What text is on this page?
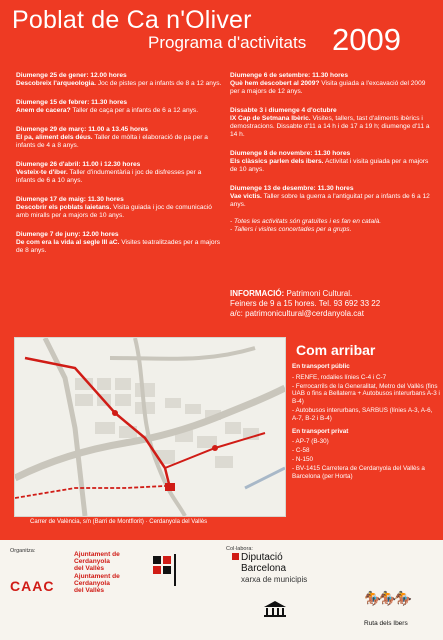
Poblat de Ca n'Oliver
Programa d'activitats 2009
Diumenge 25 de gener: 12.00 hores
Descobreix l'arqueologia. Joc de pistes per a infants de 8 a 12 anys.
Diumenge 15 de febrer: 11.30 hores
Anem de cacera? Taller de caça per a infants de 6 a 12 anys.
Diumenge 29 de març: 11.00 a 13.45 hores
El pa, aliment dels déus. Taller de mòlta i elaboració de pa per a infants de 4 a 8 anys.
Diumenge 26 d'abril: 11.00 i 12.30 hores
Vesteix-te d'iber. Taller d'indumentària i joc de disfresses per a infants de 6 a 10 anys.
Diumenge 17 de maig: 11.30 hores
Descobrir els poblats laietans. Visita guiada i joc de comunicació amb miralls per a majors de 10 anys.
Diumenge 7 de juny: 12.00 hores
De com era la vida al segle III aC. Visites teatralitzades per a majors de 8 anys.
Diumenge 6 de setembre: 11.30 hores
Què hem descobert al 2009? Visita guiada a l'excavació del 2009 per a majors de 12 anys.
Dissabte 3 i diumenge 4 d'octubre
IX Cap de Setmana Ibèric. Visites, tallers, tast d'aliments ibèrics i demostracions. Dissabte d'11 a 14 h i de 17 a 19 h; diumenge d'11 a 14 h.
Diumenge 8 de novembre: 11.30 hores
Els clàssics parlen dels ibers. Activitat i visita guiada per a majors de 10 anys.
Diumenge 13 de desembre: 11.30 hores
Vae victis. Taller sobre la guerra a l'antiguitat per a infants de 6 a 12 anys.
- Totes les activitats són gratuïtes i es fan en català.
- Tallers i visites concertades per a grups.
INFORMACIÓ: Patrimoni Cultural.
Feiners de 9 a 15 hores. Tel. 93 692 33 22
a/c: patrimonicultural@cerdanyola.cat
Carrer de València, s/n (Barri de Montflorit) · Cerdanyola del Vallès
Com arribar
En transport públic
- RENFE, rodalies línies C-4 i C-7
- Ferrocarrils de la Generalitat, Metro del Vallès (fins UAB o fins a Bellaterra + Autobusos interurbans A-3 i B-4)
- Autobusos interurbans, SARBUS (línies A-3, A-6, A-7, B-2 i B-4)
En transport privat
- AP-7 (B-30)
- C-58
- N-150
- BV-1415 Carretera de Cerdanyola del Vallès a Barcelona (per Horta)
Organitza:	Col·labora:
CAAC
Ajuntament de
Cerdanyola
del Vallès
Ajuntament de
Cerdanyola
del Vallès
Diputació
Barcelona
xarxa de municipis
🏇🏇🏇
Ruta dels Ibers
